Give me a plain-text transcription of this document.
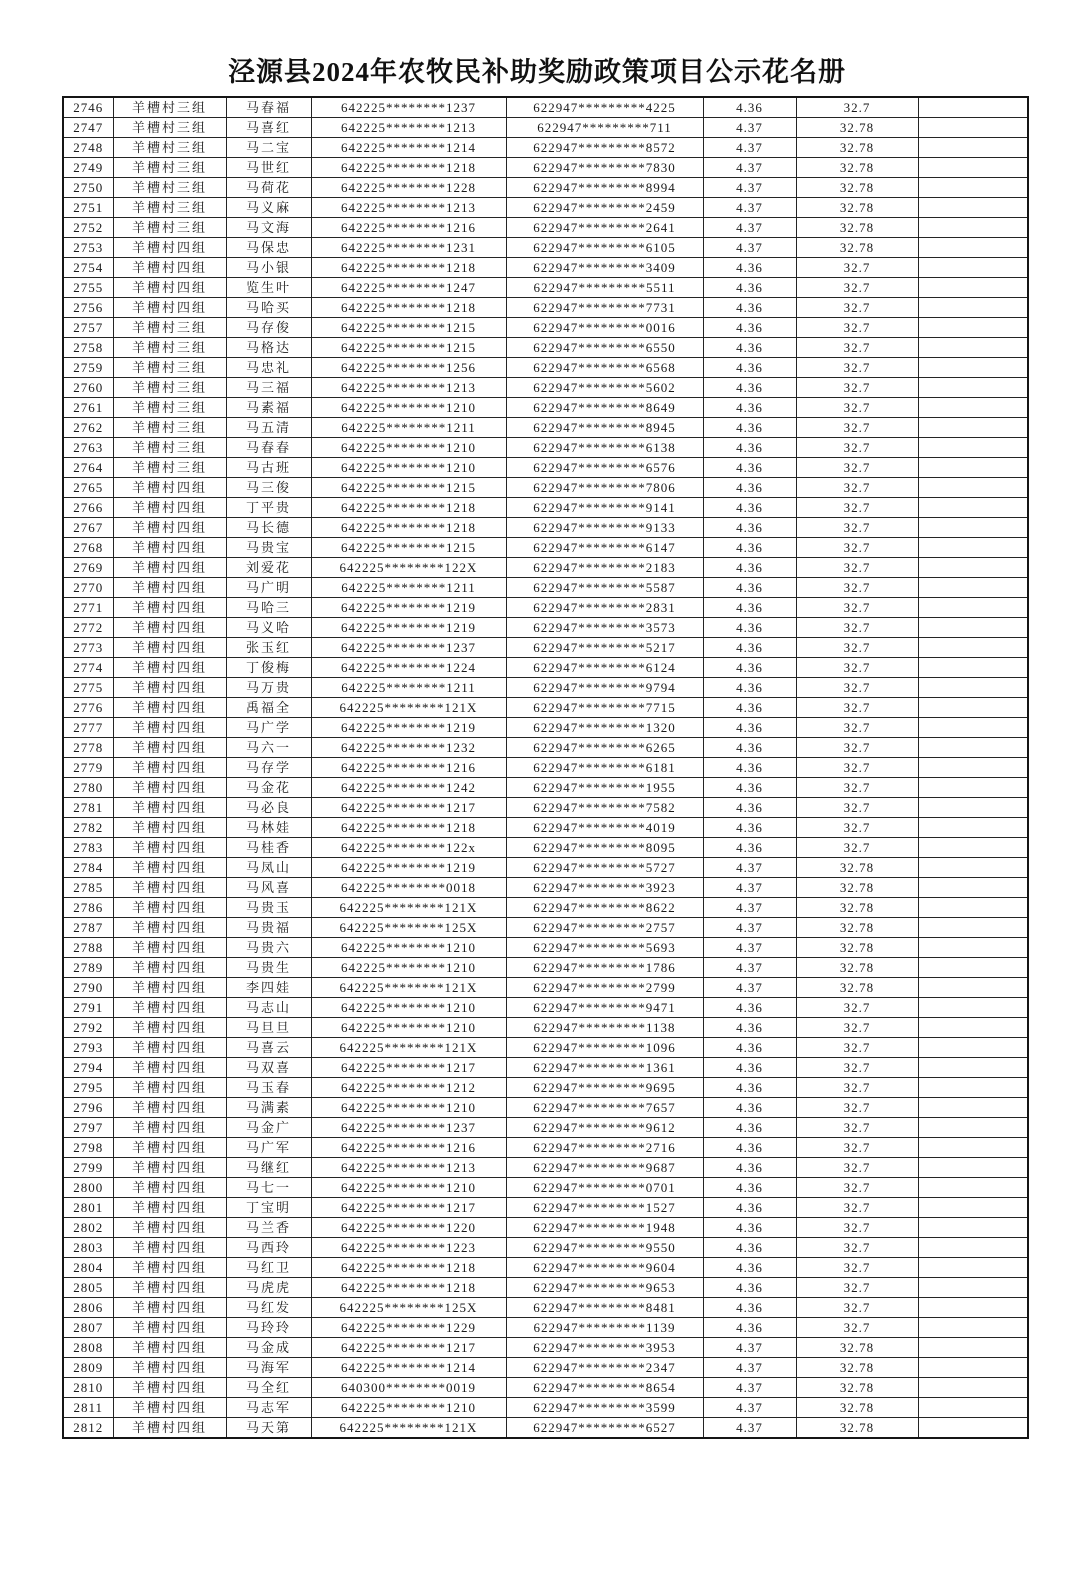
泾源县2024年农牧民补助奖励政策项目公示花名册
2746	羊槽村三组	马春福	642225********1237	622947*********4225	4.36	32.7	
2747	羊槽村三组	马喜红	642225********1213	622947*********711	4.37	32.78	
2748	羊槽村三组	马二宝	642225********1214	622947*********8572	4.37	32.78	
2749	羊槽村三组	马世红	642225********1218	622947*********7830	4.37	32.78	
2750	羊槽村三组	马荷花	642225********1228	622947*********8994	4.37	32.78	
2751	羊槽村三组	马义麻	642225********1213	622947*********2459	4.37	32.78	
2752	羊槽村三组	马文海	642225********1216	622947*********2641	4.37	32.78	
2753	羊槽村四组	马保忠	642225********1231	622947*********6105	4.37	32.78	
2754	羊槽村四组	马小银	642225********1218	622947*********3409	4.36	32.7	
2755	羊槽村四组	览生叶	642225********1247	622947*********5511	4.36	32.7	
2756	羊槽村四组	马哈买	642225********1218	622947*********7731	4.36	32.7	
2757	羊槽村三组	马存俊	642225********1215	622947*********0016	4.36	32.7	
2758	羊槽村三组	马格达	642225********1215	622947*********6550	4.36	32.7	
2759	羊槽村三组	马忠礼	642225********1256	622947*********6568	4.36	32.7	
2760	羊槽村三组	马三福	642225********1213	622947*********5602	4.36	32.7	
2761	羊槽村三组	马素福	642225********1210	622947*********8649	4.36	32.7	
2762	羊槽村三组	马五清	642225********1211	622947*********8945	4.36	32.7	
2763	羊槽村三组	马春春	642225********1210	622947*********6138	4.36	32.7	
2764	羊槽村三组	马古班	642225********1210	622947*********6576	4.36	32.7	
2765	羊槽村四组	马三俊	642225********1215	622947*********7806	4.36	32.7	
2766	羊槽村四组	丁平贵	642225********1218	622947*********9141	4.36	32.7	
2767	羊槽村四组	马长德	642225********1218	622947*********9133	4.36	32.7	
2768	羊槽村四组	马贵宝	642225********1215	622947*********6147	4.36	32.7	
2769	羊槽村四组	刘爱花	642225********122X	622947*********2183	4.36	32.7	
2770	羊槽村四组	马广明	642225********1211	622947*********5587	4.36	32.7	
2771	羊槽村四组	马哈三	642225********1219	622947*********2831	4.36	32.7	
2772	羊槽村四组	马义哈	642225********1219	622947*********3573	4.36	32.7	
2773	羊槽村四组	张玉红	642225********1237	622947*********5217	4.36	32.7	
2774	羊槽村四组	丁俊梅	642225********1224	622947*********6124	4.36	32.7	
2775	羊槽村四组	马万贵	642225********1211	622947*********9794	4.36	32.7	
2776	羊槽村四组	禹福全	642225********121X	622947*********7715	4.36	32.7	
2777	羊槽村四组	马广学	642225********1219	622947*********1320	4.36	32.7	
2778	羊槽村四组	马六一	642225********1232	622947*********6265	4.36	32.7	
2779	羊槽村四组	马存学	642225********1216	622947*********6181	4.36	32.7	
2780	羊槽村四组	马金花	642225********1242	622947*********1955	4.36	32.7	
2781	羊槽村四组	马必良	642225********1217	622947*********7582	4.36	32.7	
2782	羊槽村四组	马林娃	642225********1218	622947*********4019	4.36	32.7	
2783	羊槽村四组	马桂香	642225********122x	622947*********8095	4.36	32.7	
2784	羊槽村四组	马凤山	642225********1219	622947*********5727	4.37	32.78	
2785	羊槽村四组	马风喜	642225********0018	622947*********3923	4.37	32.78	
2786	羊槽村四组	马贵玉	642225********121X	622947*********8622	4.37	32.78	
2787	羊槽村四组	马贵福	642225********125X	622947*********2757	4.37	32.78	
2788	羊槽村四组	马贵六	642225********1210	622947*********5693	4.37	32.78	
2789	羊槽村四组	马贵生	642225********1210	622947*********1786	4.37	32.78	
2790	羊槽村四组	李四娃	642225********121X	622947*********2799	4.37	32.78	
2791	羊槽村四组	马志山	642225********1210	622947*********9471	4.36	32.7	
2792	羊槽村四组	马旦旦	642225********1210	622947*********1138	4.36	32.7	
2793	羊槽村四组	马喜云	642225********121X	622947*********1096	4.36	32.7	
2794	羊槽村四组	马双喜	642225********1217	622947*********1361	4.36	32.7	
2795	羊槽村四组	马玉春	642225********1212	622947*********9695	4.36	32.7	
2796	羊槽村四组	马满素	642225********1210	622947*********7657	4.36	32.7	
2797	羊槽村四组	马金广	642225********1237	622947*********9612	4.36	32.7	
2798	羊槽村四组	马广军	642225********1216	622947*********2716	4.36	32.7	
2799	羊槽村四组	马继红	642225********1213	622947*********9687	4.36	32.7	
2800	羊槽村四组	马七一	642225********1210	622947*********0701	4.36	32.7	
2801	羊槽村四组	丁宝明	642225********1217	622947*********1527	4.36	32.7	
2802	羊槽村四组	马兰香	642225********1220	622947*********1948	4.36	32.7	
2803	羊槽村四组	马西玲	642225********1223	622947*********9550	4.36	32.7	
2804	羊槽村四组	马红卫	642225********1218	622947*********9604	4.36	32.7	
2805	羊槽村四组	马虎虎	642225********1218	622947*********9653	4.36	32.7	
2806	羊槽村四组	马红发	642225********125X	622947*********8481	4.36	32.7	
2807	羊槽村四组	马玲玲	642225********1229	622947*********1139	4.36	32.7	
2808	羊槽村四组	马金成	642225********1217	622947*********3953	4.37	32.78	
2809	羊槽村四组	马海军	642225********1214	622947*********2347	4.37	32.78	
2810	羊槽村四组	马全红	640300********0019	622947*********8654	4.37	32.78	
2811	羊槽村四组	马志军	642225********1210	622947*********3599	4.37	32.78	
2812	羊槽村四组	马天第	642225********121X	622947*********6527	4.37	32.78	
